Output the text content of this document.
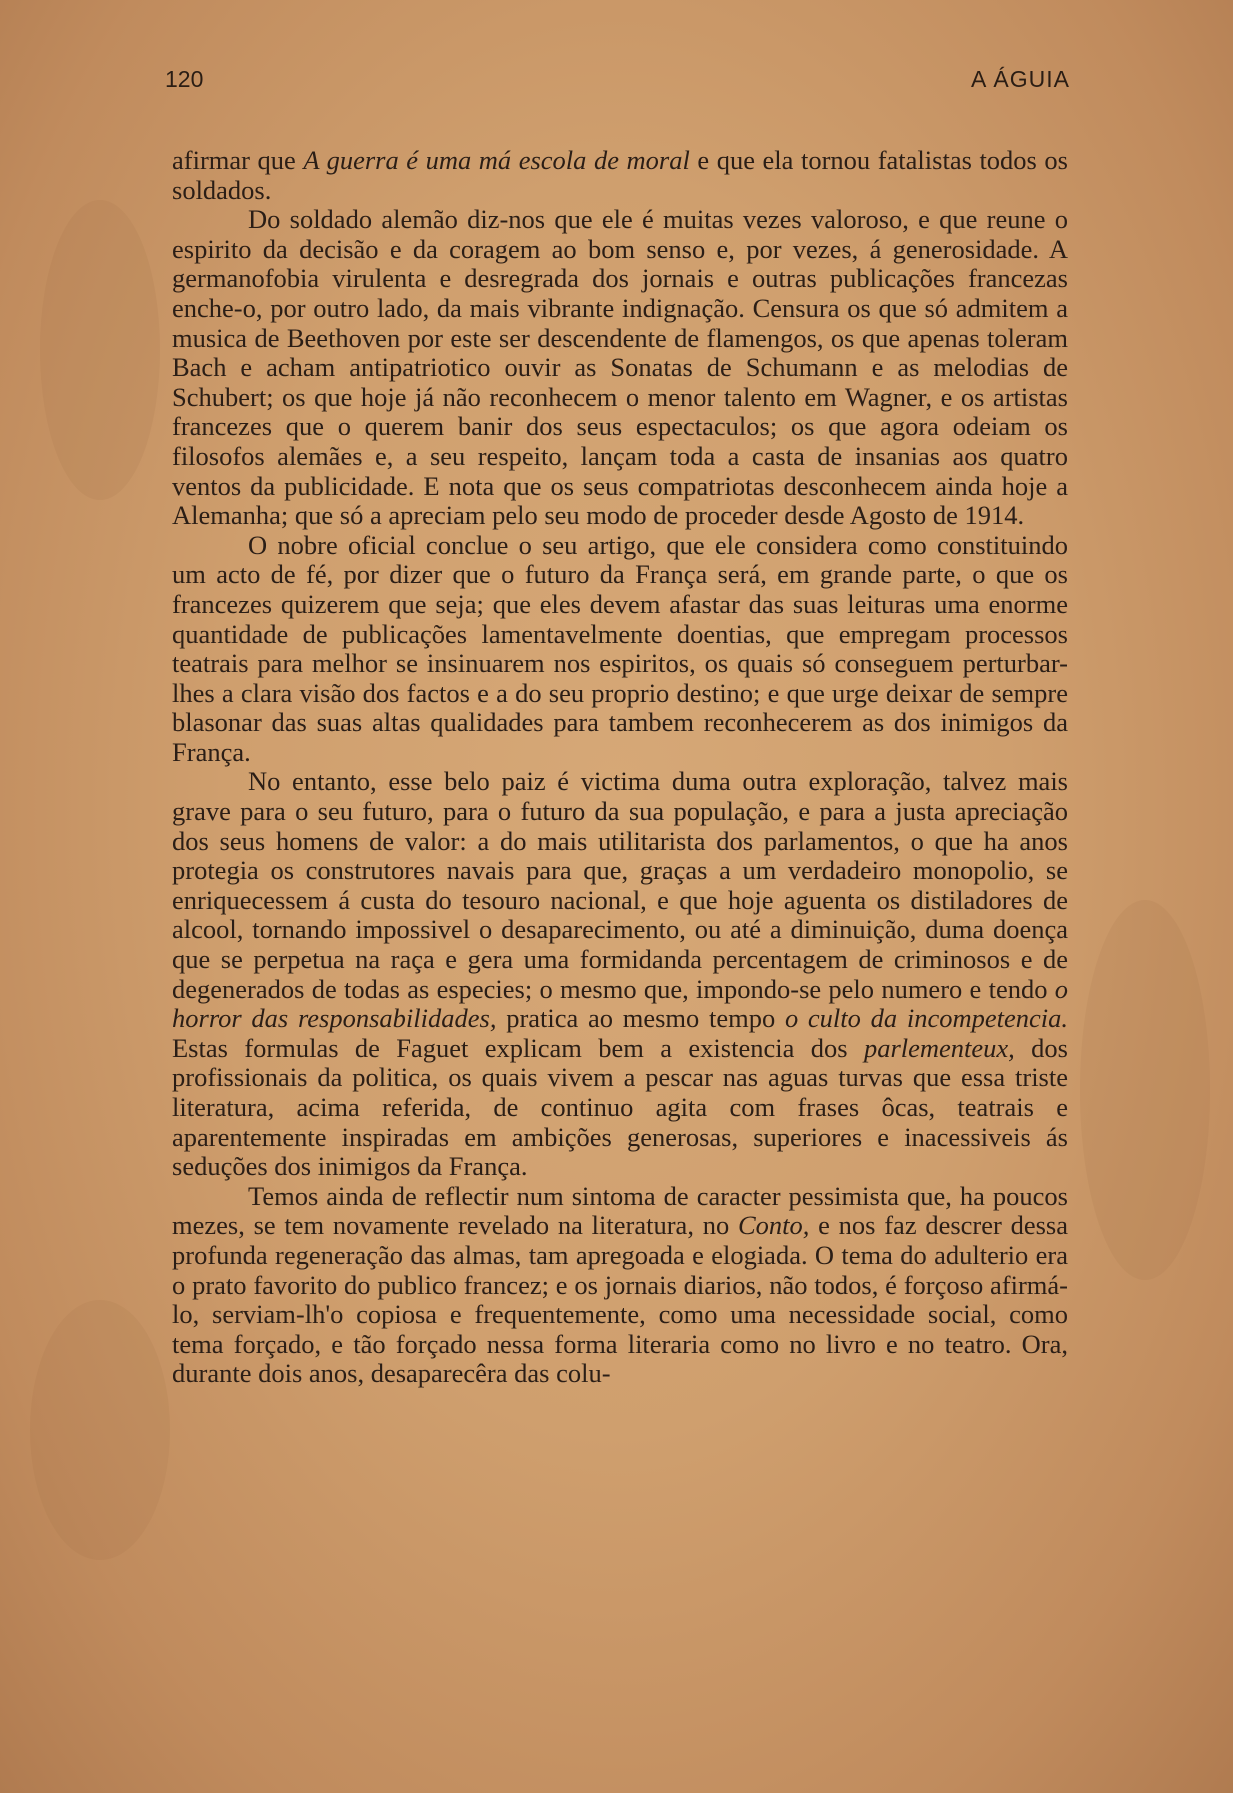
120	A ÁGUIA

afirmar que A guerra é uma má escola de moral e que ela tornou fatalistas todos os soldados.

Do soldado alemão diz-nos que ele é muitas vezes valoroso, e que reune o espirito da decisão e da coragem ao bom senso e, por vezes, á generosidade. A germanofobia virulenta e desregrada dos jornais e outras publicações francezas enche-o, por outro lado, da mais vibrante indignação. Censura os que só admitem a musica de Beethoven por este ser descendente de flamengos, os que apenas toleram Bach e acham antipatriotico ouvir as Sonatas de Schumann e as melodias de Schubert; os que hoje já não reconhecem o menor talento em Wagner, e os artistas francezes que o querem banir dos seus espectaculos; os que agora odeiam os filosofos alemães e, a seu respeito, lançam toda a casta de insanias aos quatro ventos da publicidade. E nota que os seus compatriotas desconhecem ainda hoje a Alemanha; que só a apreciam pelo seu modo de proceder desde Agosto de 1914.

O nobre oficial conclue o seu artigo, que ele considera como constituindo um acto de fé, por dizer que o futuro da França será, em grande parte, o que os francezes quizerem que seja; que eles devem afastar das suas leituras uma enorme quantidade de publicações lamentavelmente doentias, que empregam processos teatrais para melhor se insinuarem nos espiritos, os quais só conseguem perturbar-lhes a clara visão dos factos e a do seu proprio destino; e que urge deixar de sempre blasonar das suas altas qualidades para tambem reconhecerem as dos inimigos da França.

No entanto, esse belo paiz é victima duma outra exploração, talvez mais grave para o seu futuro, para o futuro da sua população, e para a justa apreciação dos seus homens de valor: a do mais utilitarista dos parlamentos, o que ha anos protegia os construtores navais para que, graças a um verdadeiro monopolio, se enriquecessem á custa do tesouro nacional, e que hoje aguenta os distiladores de alcool, tornando impossivel o desaparecimento, ou até a diminuição, duma doença que se perpetua na raça e gera uma formidanda percentagem de criminosos e de degenerados de todas as especies; o mesmo que, impondo-se pelo numero e tendo o horror das responsabilidades, pratica ao mesmo tempo o culto da incompetencia. Estas formulas de Faguet explicam bem a existencia dos parlementeux, dos profissionais da politica, os quais vivem a pescar nas aguas turvas que essa triste literatura, acima referida, de continuo agita com frases ôcas, teatrais e aparentemente inspiradas em ambições generosas, superiores e inacessiveis ás seduções dos inimigos da França.

Temos ainda de reflectir num sintoma de caracter pessimista que, ha poucos mezes, se tem novamente revelado na literatura, no Conto, e nos faz descrer dessa profunda regeneração das almas, tam apregoada e elogiada. O tema do adulterio era o prato favorito do publico francez; e os jornais diarios, não todos, é forçoso afirmá-lo, serviam-lh'o copiosa e frequentemente, como uma necessidade social, como tema forçado, e tão forçado nessa forma literaria como no livro e no teatro. Ora, durante dois anos, desaparecêra das colu-
